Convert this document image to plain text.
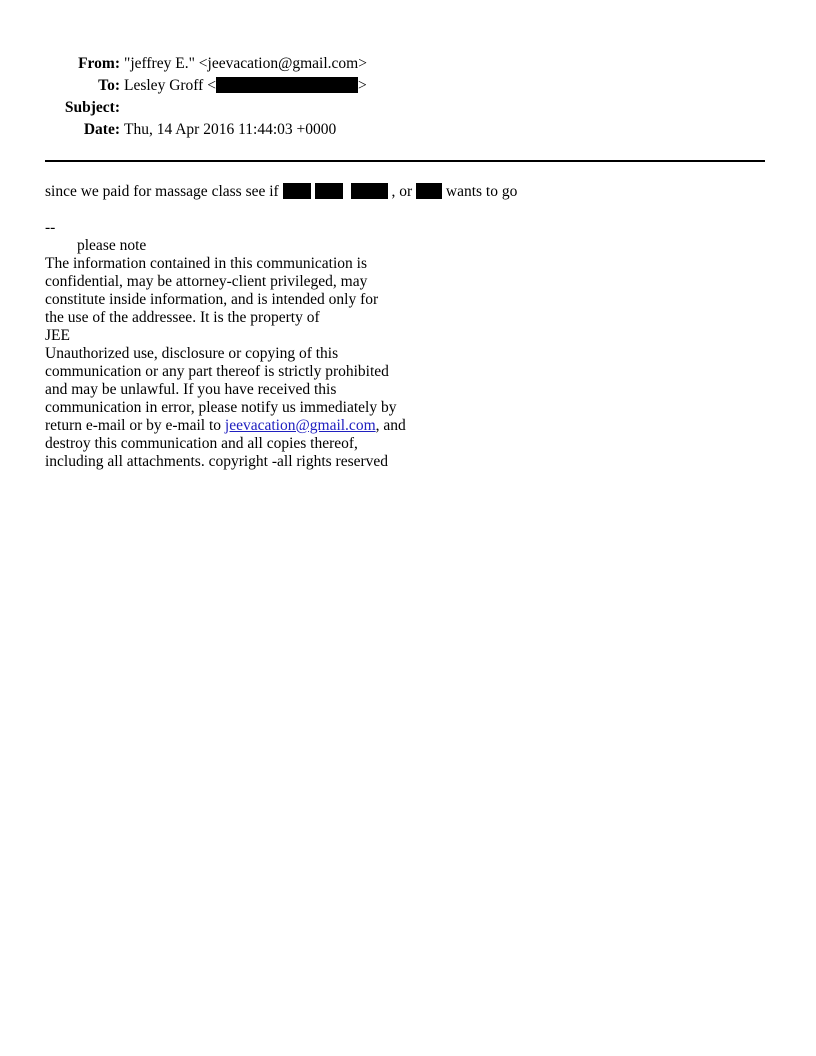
From: "jeffrey E." <jeevacation@gmail.com>
To: Lesley Groff <	>
Subject:
Date: Thu, 14 Apr 2016 11:44:03 +0000
since we paid for massage class see if	, or  wants to go
--
please note
The information contained in this communication is
confidential, may be attorney-client privileged, may
constitute inside information, and is intended only for
the use of the addressee. It is the property of
JEE
Unauthorized use, disclosure or copying of this
communication or any part thereof is strictly prohibited
and may be unlawful. If you have received this
communication in error, please notify us immediately by
return e-mail or by e-mail to jeevacation@gmail.com, and
destroy this communication and all copies thereof,
including all attachments. copyright -all rights reserved
